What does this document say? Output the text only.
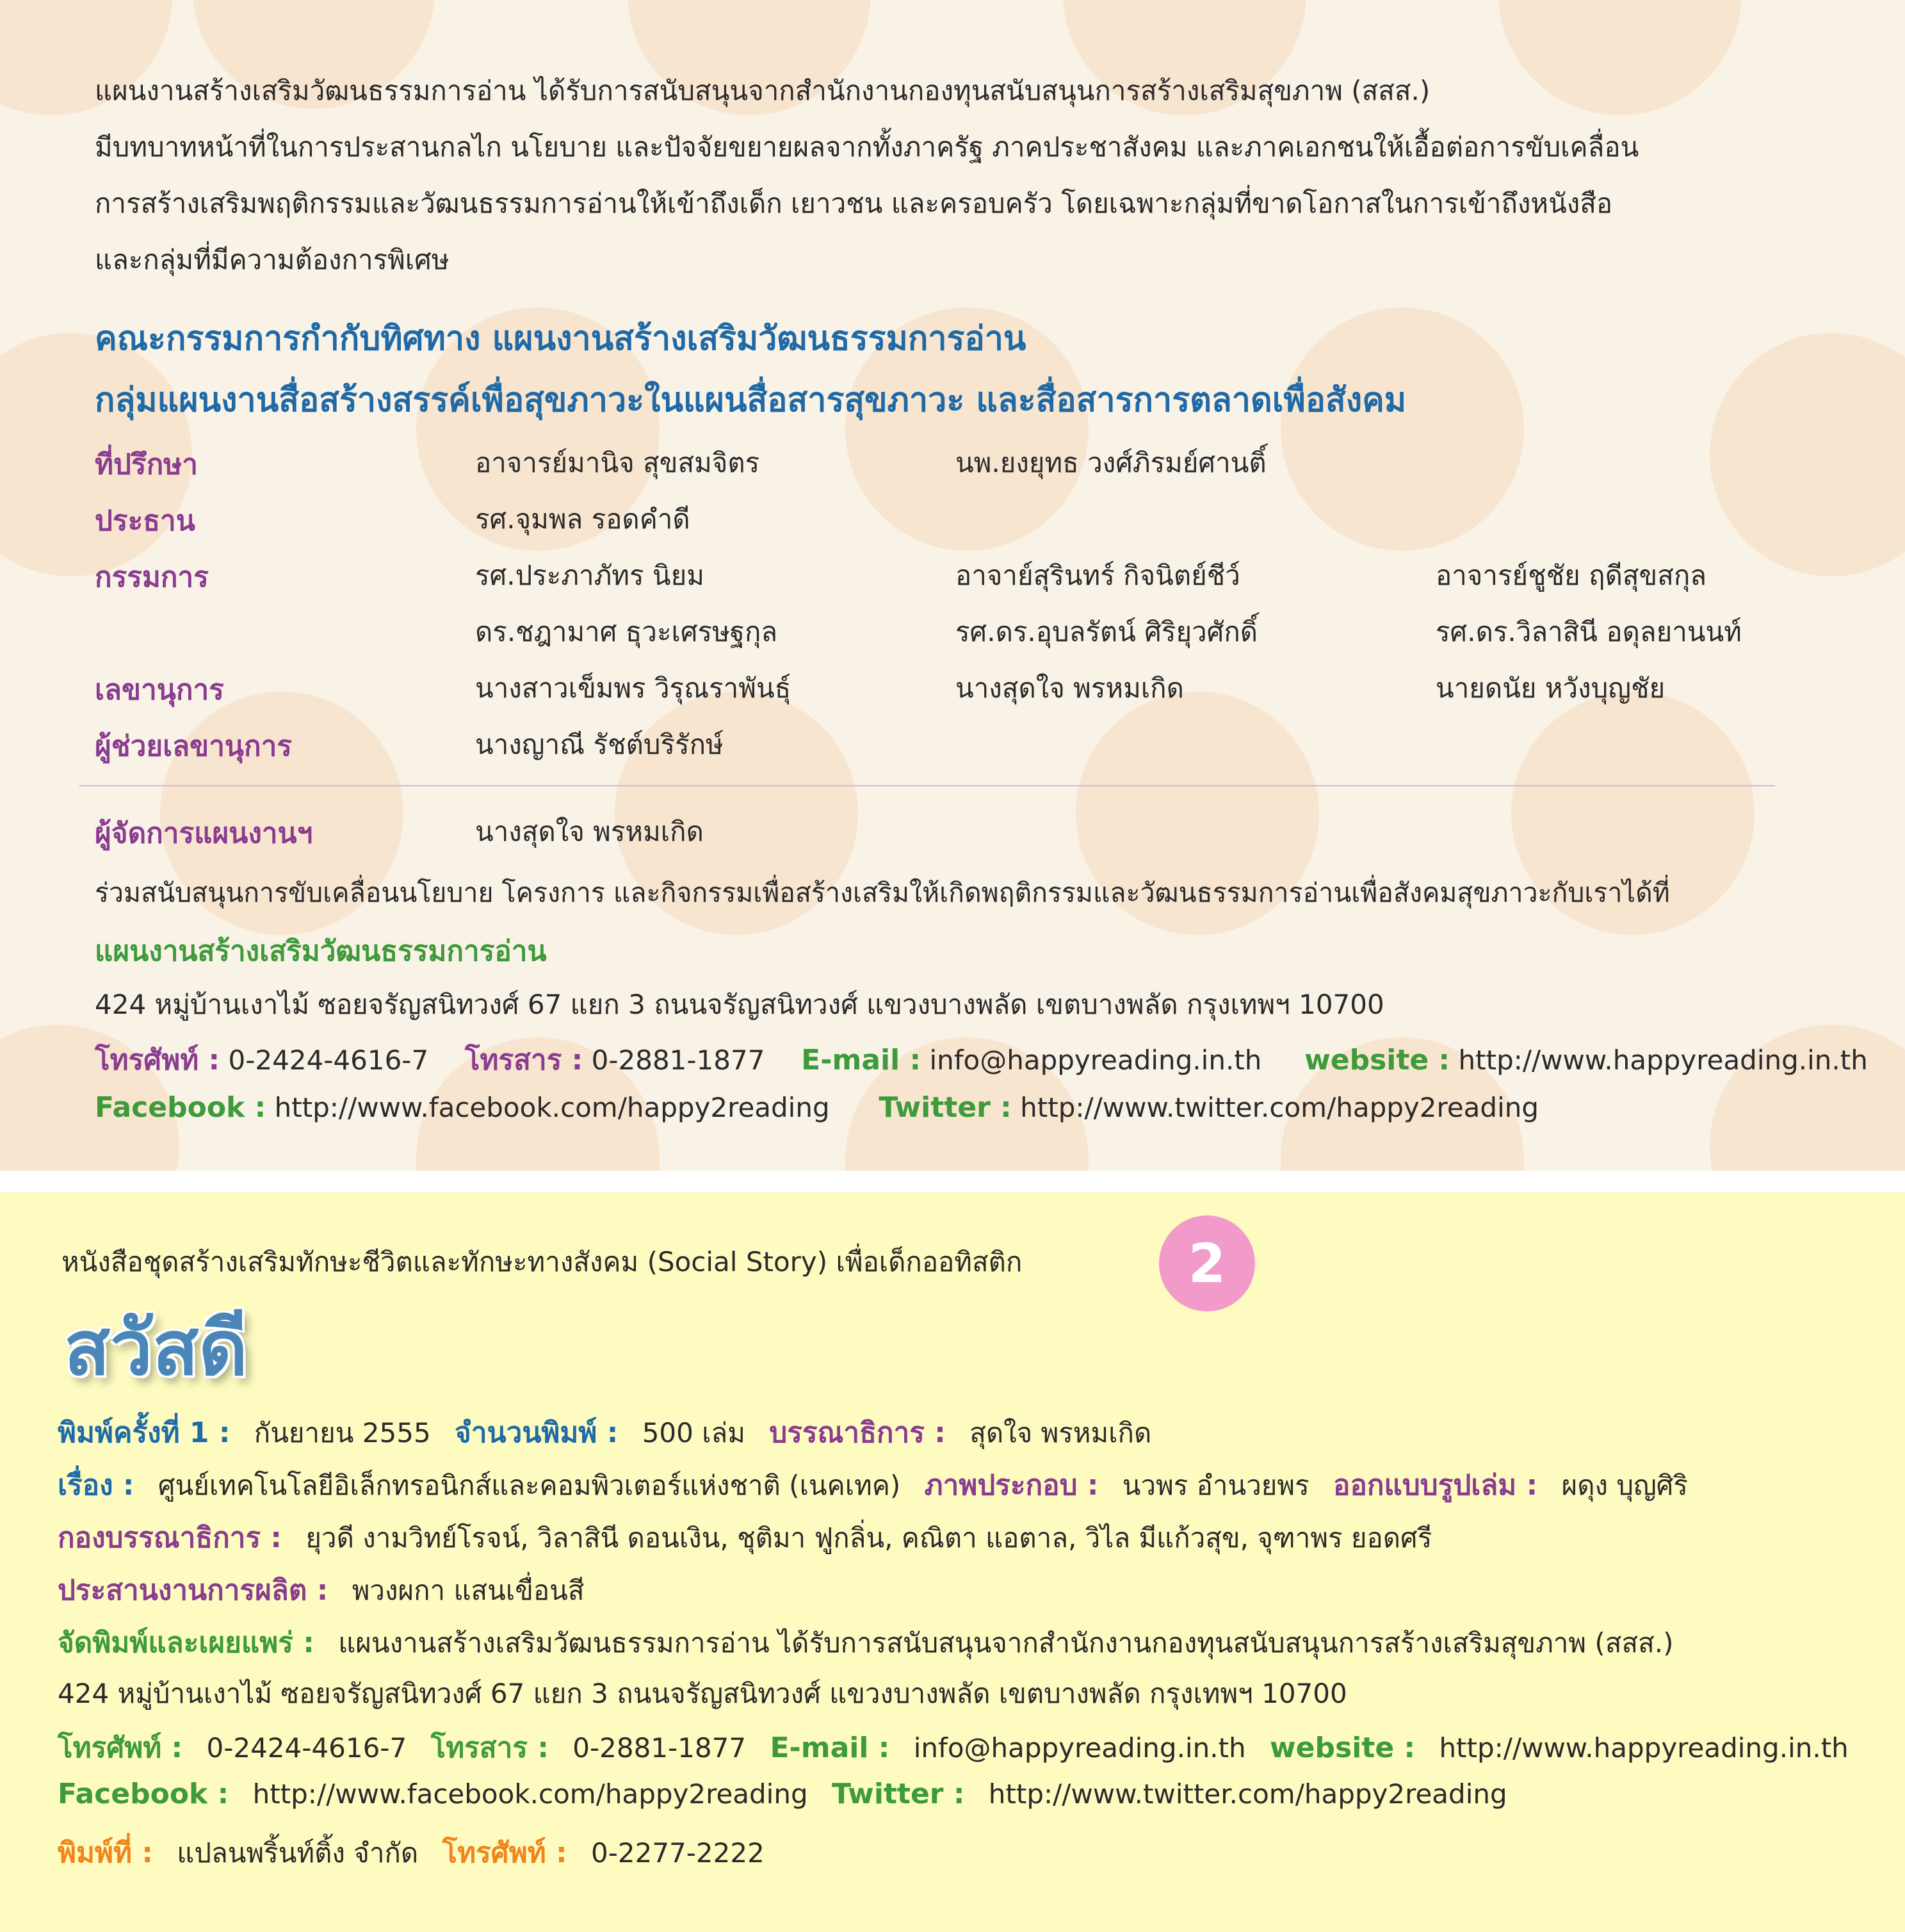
แผนงานสร้างเสริมวัฒนธรรมการอ่าน ได้รับการสนับสนุนจากสำนักงานกองทุนสนับสนุนการสร้างเสริมสุขภาพ (สสส.)
มีบทบาทหน้าที่ในการประสานกลไก นโยบาย และปัจจัยขยายผลจากทั้งภาครัฐ ภาคประชาสังคม และภาคเอกชนให้เอื้อต่อการขับเคลื่อน
การสร้างเสริมพฤติกรรมและวัฒนธรรมการอ่านให้เข้าถึงเด็ก เยาวชน และครอบครัว โดยเฉพาะกลุ่มที่ขาดโอกาสในการเข้าถึงหนังสือ
และกลุ่มที่มีความต้องการพิเศษ
คณะกรรมการกำกับทิศทาง แผนงานสร้างเสริมวัฒนธรรมการอ่าน
กลุ่มแผนงานสื่อสร้างสรรค์เพื่อสุขภาวะในแผนสื่อสารสุขภาวะ และสื่อสารการตลาดเพื่อสังคม
ที่ปรึกษา	อาจารย์มานิจ สุขสมจิตร	นพ.ยงยุทธ วงศ์ภิรมย์ศานติ์
ประธาน	รศ.จุมพล รอดคำดี
กรรมการ	รศ.ประภาภัทร นิยม	อาจาย์สุรินทร์ กิจนิตย์ชีว์	อาจารย์ชูชัย ฤดีสุขสกุล
ดร.ชฎามาศ ธุวะเศรษฐกุล	รศ.ดร.อุบลรัตน์ ศิริยุวศักดิ์	รศ.ดร.วิลาสินี อดุลยานนท์
เลขานุการ	นางสาวเข็มพร วิรุณราพันธุ์	นางสุดใจ พรหมเกิด	นายดนัย หวังบุญชัย
ผู้ช่วยเลขานุการ	นางญาณี รัชต์บริรักษ์
ผู้จัดการแผนงานฯ	นางสุดใจ พรหมเกิด
ร่วมสนับสนุนการขับเคลื่อนนโยบาย โครงการ และกิจกรรมเพื่อสร้างเสริมให้เกิดพฤติกรรมและวัฒนธรรมการอ่านเพื่อสังคมสุขภาวะกับเราได้ที่
แผนงานสร้างเสริมวัฒนธรรมการอ่าน
424 หมู่บ้านเงาไม้ ซอยจรัญสนิทวงศ์ 67 แยก 3 ถนนจรัญสนิทวงศ์ แขวงบางพลัด เขตบางพลัด กรุงเทพฯ 10700
โทรศัพท์ : 0-2424-4616-7 โทรสาร : 0-2881-1877 E-mail : info@happyreading.in.th website : http://www.happyreading.in.th
Facebook : http://www.facebook.com/happy2reading Twitter : http://www.twitter.com/happy2reading
หนังสือชุดสร้างเสริมทักษะชีวิตและทักษะทางสังคม (Social Story) เพื่อเด็กออทิสติก	2
สวัสดี
พิมพ์ครั้งที่ 1 : กันยายน 2555 จำนวนพิมพ์ : 500 เล่ม บรรณาธิการ : สุดใจ พรหมเกิด
เรื่อง : ศูนย์เทคโนโลยีอิเล็กทรอนิกส์และคอมพิวเตอร์แห่งชาติ (เนคเทค) ภาพประกอบ : นวพร อำนวยพร ออกแบบรูปเล่ม : ผดุง บุญศิริ
กองบรรณาธิการ : ยุวดี งามวิทย์โรจน์, วิลาสินี ดอนเงิน, ชุติมา ฟูกลิ่น, คณิตา แอตาล, วิไล มีแก้วสุข, จุฑาพร ยอดศรี
ประสานงานการผลิต : พวงผกา แสนเขื่อนสี
จัดพิมพ์และเผยแพร่ : แผนงานสร้างเสริมวัฒนธรรมการอ่าน ได้รับการสนับสนุนจากสำนักงานกองทุนสนับสนุนการสร้างเสริมสุขภาพ (สสส.)
424 หมู่บ้านเงาไม้ ซอยจรัญสนิทวงศ์ 67 แยก 3 ถนนจรัญสนิทวงศ์ แขวงบางพลัด เขตบางพลัด กรุงเทพฯ 10700
โทรศัพท์ : 0-2424-4616-7 โทรสาร : 0-2881-1877 E-mail : info@happyreading.in.th website : http://www.happyreading.in.th
Facebook : http://www.facebook.com/happy2reading Twitter : http://www.twitter.com/happy2reading
พิมพ์ที่ : แปลนพริ้นท์ติ้ง จำกัด โทรศัพท์ : 0-2277-2222
